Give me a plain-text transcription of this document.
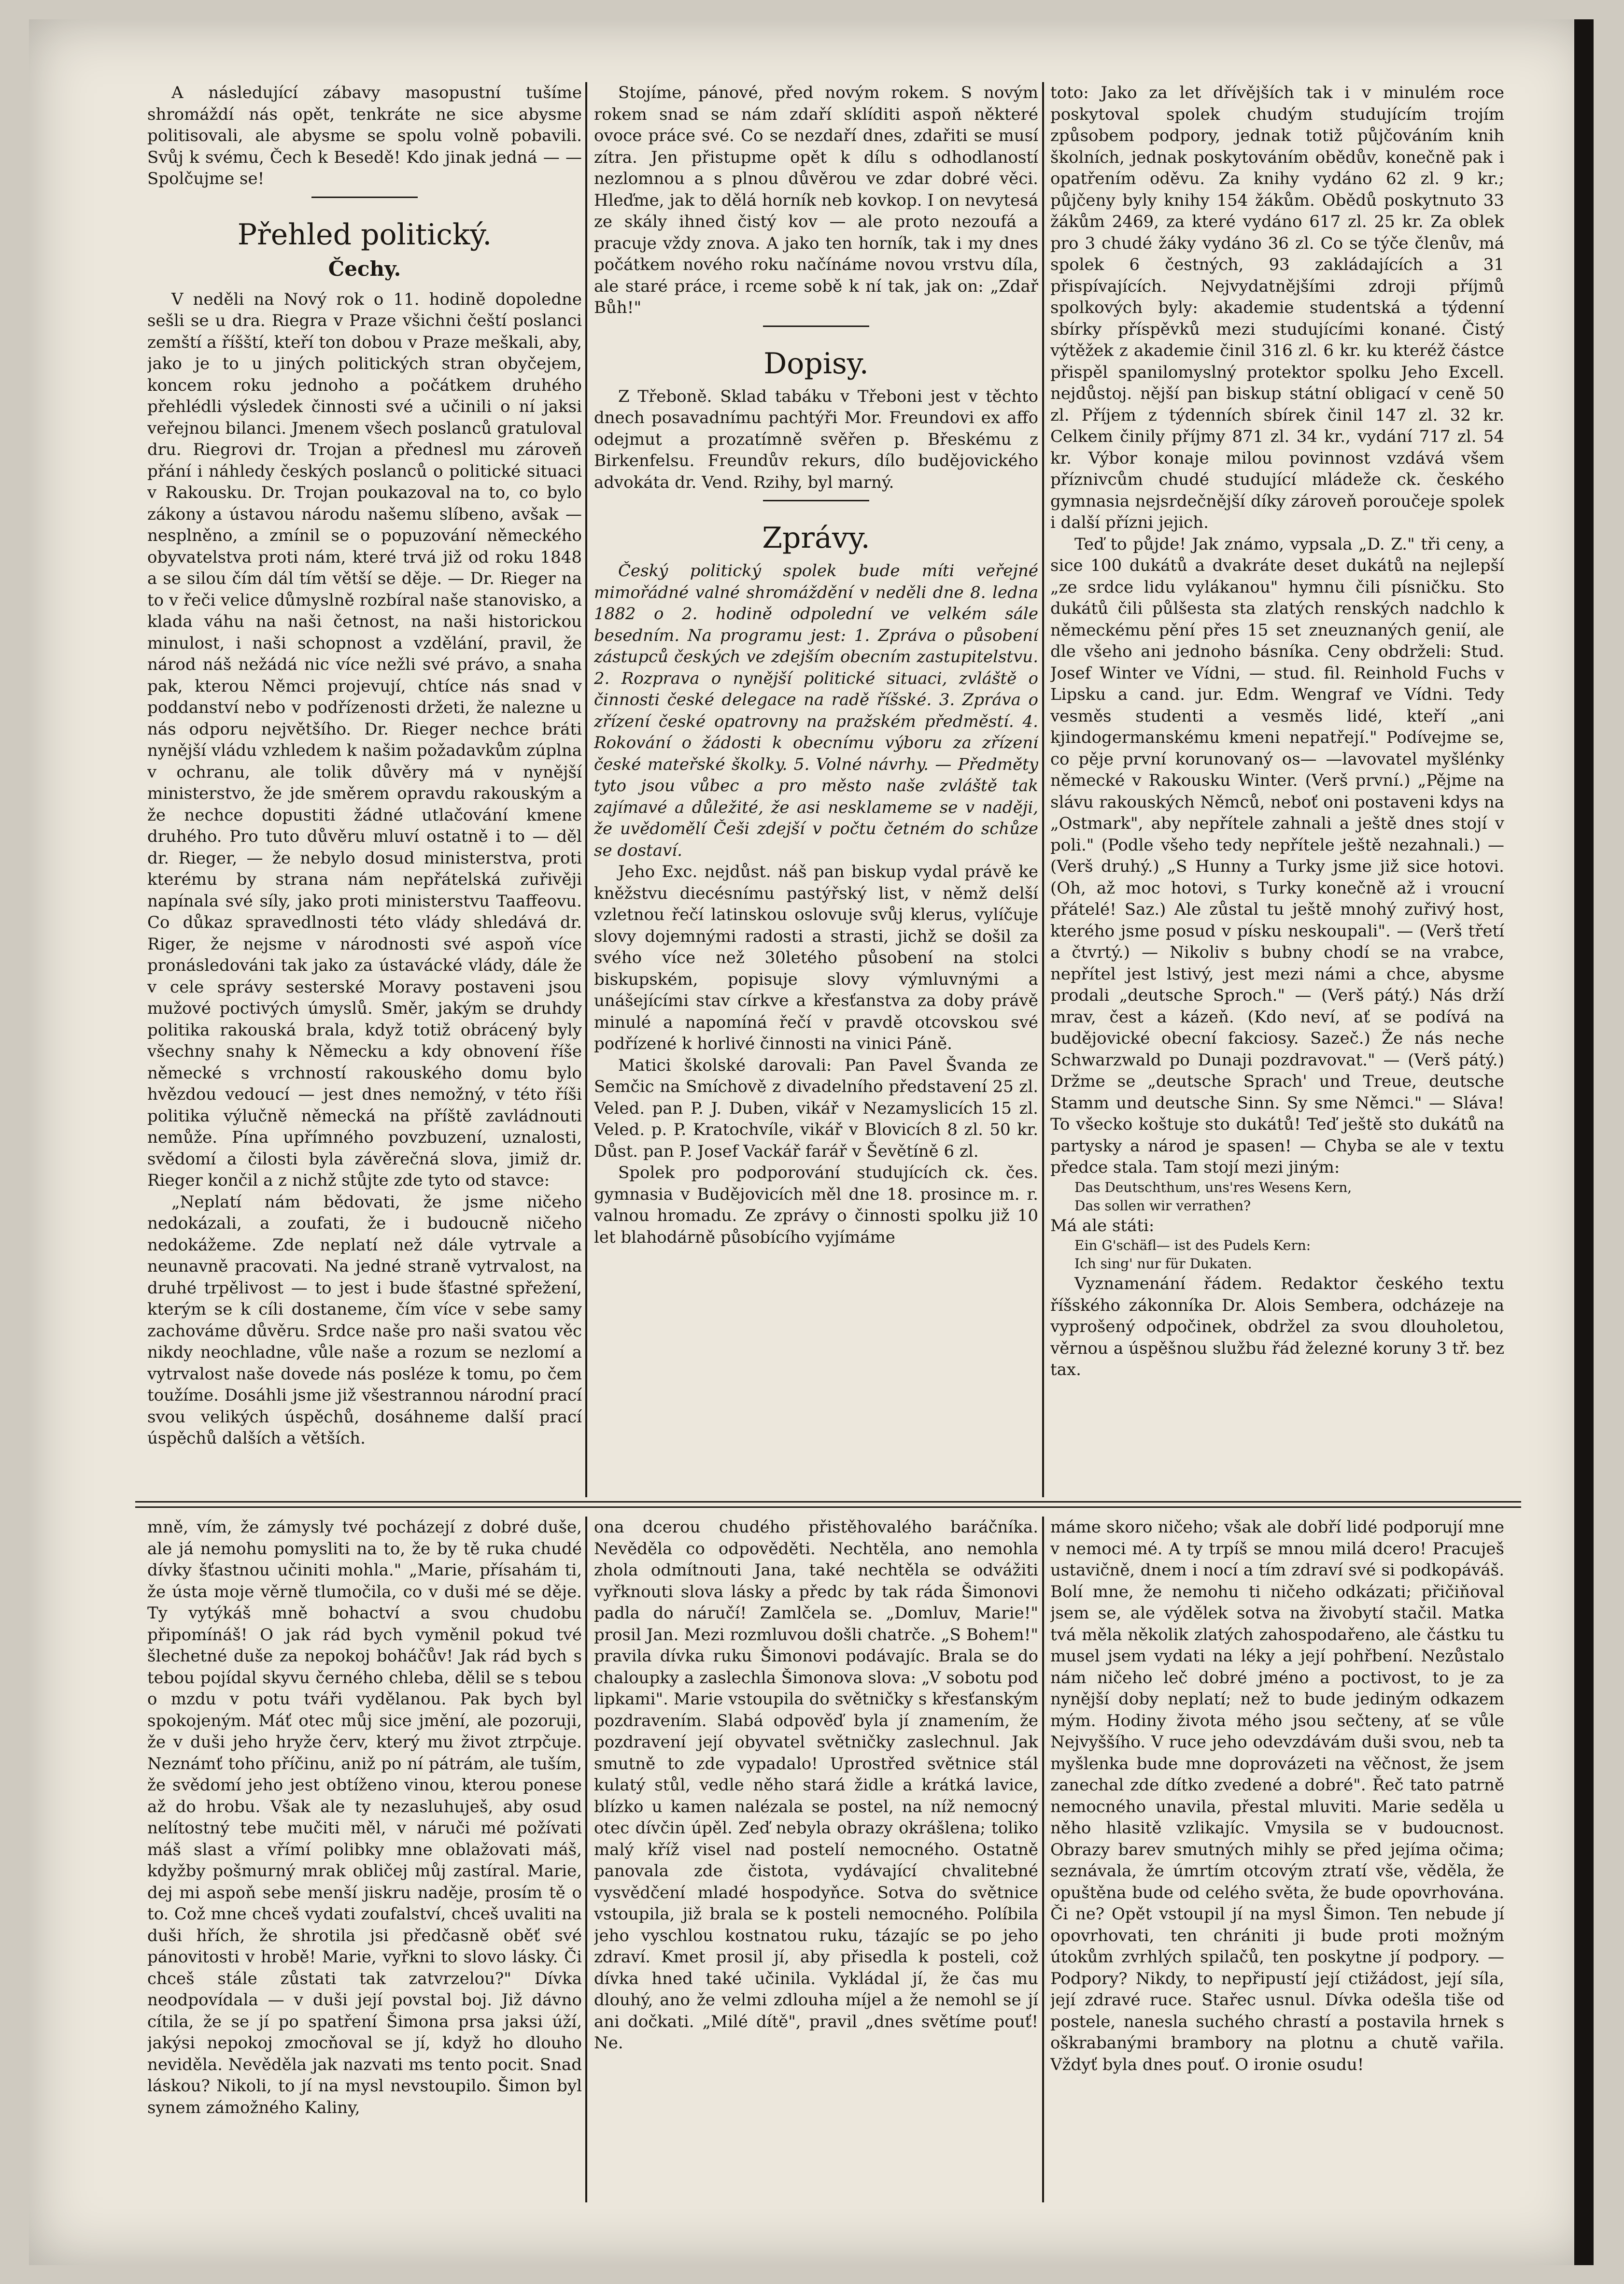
A následující zábavy masopustní tušíme shromáždí nás opět, tenkráte ne sice abysme politisovali, ale abysme se spolu volně pobavili. Svůj k svému, Čech k Besedě! Kdo jinak jedná — — Spolčujme se!

Přehled politický.
Čechy.

V neděli na Nový rok o 11. hodině dopoledne sešli se u dra. Riegra v Praze všichni čeští poslanci zemští a říšští, kteří ton dobou v Praze meškali, aby, jako je to u jiných politických stran obyčejem, koncem roku jednoho a počátkem druhého přehlédli výsledek činnosti své a učinili o ní jaksi veřejnou bilanci. Jmenem všech poslanců gratuloval dru. Riegrovi dr. Trojan a přednesl mu zároveň přání i náhledy českých poslanců o politické situaci v Rakousku. Dr. Trojan poukazoval na to, co bylo zákony a ústavou národu našemu slíbeno, avšak — nesplněno, a zmínil se o popuzování německého obyvatelstva proti nám, které trvá již od roku 1848 a se silou čím dál tím větší se děje. — Dr. Rieger na to v řeči velice důmyslně rozbíral naše stanovisko, a klada váhu na naši četnost, na naši historickou minulost, i naši schopnost a vzdělání, pravil, že národ náš nežádá nic více nežli své právo, a snaha pak, kterou Němci projevují, chtíce nás snad v poddanství nebo v podřízenosti držeti, že nalezne u nás odporu největšího. Dr. Rieger nechce bráti nynější vládu vzhledem k našim požadavkům zúplna v ochranu, ale tolik důvěry má v nynější ministerstvo, že jde směrem opravdu rakouským a že nechce dopustiti žádné utlačování kmene druhého. Pro tuto důvěru mluví ostatně i to — děl dr. Rieger, — že nebylo dosud ministerstva, proti kterému by strana nám nepřátelská zuřivěji napínala své síly, jako proti ministerstvu Taaffeovu. Co důkaz spravedlnosti této vlády shledává dr. Riger, že nejsme v národnosti své aspoň více pronásledováni tak jako za ústavácké vlády, dále že v cele správy sesterské Moravy postaveni jsou mužové poctivých úmyslů. Směr, jakým se druhdy politika rakouská brala, když totiž obrácený byly všechny snahy k Německu a kdy obnovení říše německé s vrchností rakouského domu bylo hvězdou vedoucí — jest dnes nemožný, v této říši politika výlučně německá na příště zavládnouti nemůže. Pína upřímného povzbuzení, uznalosti, svědomí a čilosti byla závěrečná slova, jimiž dr. Rieger končil a z nichž stůjte zde tyto od stavce:

„Neplatí nám bědovati, že jsme ničeho nedokázali, a zoufati, že i budoucně ničeho nedokážeme. Zde neplatí než dále vytrvale a neunavně pracovati. Na jedné straně vytrvalost, na druhé trpělivost — to jest i bude šťastné spřežení, kterým se k cíli dostaneme, čím více v sebe samy zachováme důvěru. Srdce naše pro naši svatou věc nikdy neochladne, vůle naše a rozum se nezlomí a vytrvalost naše dovede nás posléze k tomu, po čem toužíme. Dosáhli jsme již všestrannou národní prací svou velikých úspěchů, dosáhneme další prací úspěchů dalších a větších.

Stojíme, pánové, před novým rokem. S novým rokem snad se nám zdaří sklíditi aspoň některé ovoce práce své. Co se nezdaří dnes, zdařiti se musí zítra. Jen přistupme opět k dílu s odhodlaností nezlomnou a s plnou důvěrou ve zdar dobré věci. Hleďme, jak to dělá horník neb kovkop. I on nevytesá ze skály ihned čistý kov — ale proto nezoufá a pracuje vždy znova. A jako ten horník, tak i my dnes počátkem nového roku načínáme novou vrstvu díla, ale staré práce, i rceme sobě k ní tak, jak on: „Zdař Bůh!"

Dopisy.

Z Třeboně. Sklad tabáku v Třeboni jest v těchto dnech posavadnímu pachtýři Mor. Freundovi ex affo odejmut a prozatímně svěřen p. Břeskému z Birkenfelsu. Freundův rekurs, dílo budějovického advokáta dr. Vend. Rzihy, byl marný.

Zprávy.

Český politický spolek bude míti veřejné mimořádné valné shromáždění v neděli dne 8. ledna 1882 o 2. hodině odpolední ve velkém sále besedním. Na programu jest: 1. Zpráva o působení zástupců českých ve zdejším obecním zastupitelstvu. 2. Rozprava o nynější politické situaci, zvláště o činnosti české delegace na radě říšské. 3. Zpráva o zřízení české opatrovny na pražském předměstí. 4. Rokování o žádosti k obecnímu výboru za zřízení české mateřské školky. 5. Volné návrhy. — Předměty tyto jsou vůbec a pro město naše zvláště tak zajímavé a důležité, že asi nesklameme se v naději, že uvědomělí Češi zdejší v počtu četném do schůze se dostaví.

Jeho Exc. nejdůst. náš pan biskup vydal právě ke kněžstvu diecésnímu pastýřský list, v němž delší vzletnou řečí latinskou oslovuje svůj klerus, vylíčuje slovy dojemnými radosti a strasti, jichž se došil za svého více než 30letého působení na stolci biskupském, popisuje slovy výmluvnými a unášejícími stav církve a křesťanstva za doby právě minulé a napomíná řečí v pravdě otcovskou své podřízené k horlivé činnosti na vinici Páně.

Matici školské darovali: Pan Pavel Švanda ze Semčic na Smíchově z divadelního představení 25 zl. Veled. pan P. J. Duben, vikář v Nezamyslicích 15 zl. Veled. p. P. Kratochvíle, vikář v Blovicích 8 zl. 50 kr. Důst. pan P. Josef Vackář farář v Ševětíně 6 zl.

Spolek pro podporování studujících ck. čes. gymnasia v Budějovicích měl dne 18. prosince m. r. valnou hromadu. Ze zprávy o činnosti spolku již 10 let blahodárně působícího vyjímáme

toto: Jako za let dřívějších tak i v minulém roce poskytoval spolek chudým studujícím trojím způsobem podpory, jednak totiž půjčováním knih školních, jednak poskytováním obědův, konečně pak i opatřením oděvu. Za knihy vydáno 62 zl. 9 kr.; půjčeny byly knihy 154 žákům. Obědů poskytnuto 33 žákům 2469, za které vydáno 617 zl. 25 kr. Za oblek pro 3 chudé žáky vydáno 36 zl. Co se týče členův, má spolek 6 čestných, 93 zakládajících a 31 přispívajících. Nejvydatnějšími zdroji příjmů spolkových byly: akademie studentská a týdenní sbírky příspěvků mezi studujícími konané. Čistý výtěžek z akademie činil 316 zl. 6 kr. ku kteréž částce přispěl spanilomyslný protektor spolku Jeho Excell. nejdůstoj. nější pan biskup státní obligací v ceně 50 zl. Příjem z týdenních sbírek činil 147 zl. 32 kr. Celkem činily příjmy 871 zl. 34 kr., vydání 717 zl. 54 kr. Výbor konaje milou povinnost vzdává všem příznivcům chudé studující mládeže ck. českého gymnasia nejsrdečnější díky zároveň poroučeje spolek i další přízni jejich.

Teď to půjde! Jak známo, vypsala „D. Z." tři ceny, a sice 100 dukátů a dvakráte deset dukátů na nejlepší „ze srdce lidu vylákanou" hymnu čili písničku. Sto dukátů čili půlšesta sta zlatých renských nadchlo k německému pění přes 15 set zneuznaných genií, ale dle všeho ani jednoho básníka. Ceny obdrželi: Stud. Josef Winter ve Vídni, — stud. fil. Reinhold Fuchs v Lipsku a cand. jur. Edm. Wengraf ve Vídni. Tedy vesměs studenti a vesměs lidé, kteří „ani kjindogermanskému kmeni nepatřejí." Podívejme se, co pěje první korunovaný os— —lavovatel myšlénky německé v Rakousku Winter. (Verš první.) „Pějme na slávu rakouských Němců, neboť oni postaveni kdys na „Ostmark", aby nepřítele zahnali a ještě dnes stojí v poli." (Podle všeho tedy nepřítele ještě nezahnali.) — (Verš druhý.) „S Hunny a Turky jsme již sice hotovi. (Oh, až moc hotovi, s Turky konečně až i vroucní přátelé! Saz.) Ale zůstal tu ještě mnohý zuřivý host, kterého jsme posud v písku neskoupali". — (Verš třetí a čtvrtý.) — Nikoliv s bubny chodí se na vrabce, nepřítel jest lstivý, jest mezi námi a chce, abysme prodali „deutsche Sproch." — (Verš pátý.) Nás drží mrav, čest a kázeň. (Kdo neví, ať se podívá na budějovické obecní fakciosy. Sazeč.) Že nás neche Schwarzwald po Dunaji pozdravovat." — (Verš pátý.) Držme se „deutsche Sprach' und Treue, deutsche Stamm und deutsche Sinn. Sy sme Němci." — Sláva! To všecko koštuje sto dukátů! Teď ještě sto dukátů na partysky a národ je spasen! — Chyba se ale v textu předce stala. Tam stojí mezi jiným:

Das Deutschthum, uns'res Wesens Kern,

Das sollen wir verrathen?

Má ale státi:

Ein G'schäfl— ist des Pudels Kern:

Ich sing' nur für Dukaten.

Vyznamenání řádem. Redaktor českého textu říšského zákonníka Dr. Alois Sembera, odcházeje na vyprošený odpočinek, obdržel za svou dlouholetou, věrnou a úspěšnou službu řád železné koruny 3 tř. bez tax.

mně, vím, že zámysly tvé pocházejí z dobré duše, ale já nemohu pomysliti na to, že by tě ruka chudé dívky šťastnou učiniti mohla." „Marie, přísahám ti, že ústa moje věrně tlumočila, co v duši mé se děje. Ty vytýkáš mně bohactví a svou chudobu připomínáš! O jak rád bych vyměnil pokud tvé šlechetné duše za nepokoj boháčův! Jak rád bych s tebou pojídal skyvu černého chleba, dělil se s tebou o mzdu v potu tváři vydělanou. Pak bych byl spokojeným. Máť otec můj sice jmění, ale pozoruji, že v duši jeho hryže červ, který mu život ztrpčuje. Neznámť toho příčinu, aniž po ní pátrám, ale tuším, že svědomí jeho jest obtíženo vinou, kterou ponese až do hrobu. Však ale ty nezasluhuješ, aby osud nelítostný tebe mučiti měl, v náruči mé požívati máš slast a vřímí polibky mne oblažovati máš, kdyžby pošmurný mrak obličej můj zastíral. Marie, dej mi aspoň sebe menší jiskru naděje, prosím tě o to. Což mne chceš vydati zoufalství, chceš uvaliti na duši hřích, že shrotila jsi předčasně oběť své pánovitosti v hrobě! Marie, vyřkni to slovo lásky. Či chceš stále zůstati tak zatvrzelou?" Dívka neodpovídala — v duši její povstal boj. Již dávno cítila, že se jí po spatření Šimona prsa jaksi úží, jakýsi nepokoj zmocňoval se jí, když ho dlouho neviděla. Nevěděla jak nazvati ms tento pocit. Snad láskou? Nikoli, to jí na mysl nevstoupilo. Šimon byl synem zámožného Kaliny,

ona dcerou chudého přistěhovalého baráčníka. Nevěděla co odpověděti. Nechtěla, ano nemohla zhola odmítnouti Jana, také nechtěla se odvážiti vyřknouti slova lásky a předc by tak ráda Šimonovi padla do náručí! Zamlčela se. „Domluv, Marie!" prosil Jan. Mezi rozmluvou došli chatrče. „S Bohem!" pravila dívka ruku Šimonovi podávajíc. Brala se do chaloupky a zaslechla Šimonova slova: „V sobotu pod lipkami". Marie vstoupila do světničky s křesťanským pozdravením. Slabá odpověď byla jí znamením, že pozdravení její obyvatel světničky zaslechnul. Jak smutně to zde vypadalo! Uprostřed světnice stál kulatý stůl, vedle něho stará židle a krátká lavice, blízko u kamen nalézala se postel, na níž nemocný otec dívčin úpěl. Zeď nebyla obrazy okrášlena; toliko malý kříž visel nad postelí nemocného. Ostatně panovala zde čistota, vydávající chvalitebné vysvědčení mladé hospodyňce. Sotva do světnice vstoupila, již brala se k posteli nemocného. Políbila jeho vyschlou kostnatou ruku, tázajíc se po jeho zdraví. Kmet prosil jí, aby přisedla k posteli, což dívka hned také učinila. Vykládal jí, že čas mu dlouhý, ano že velmi zdlouha míjel a že nemohl se jí ani dočkati. „Milé dítě", pravil „dnes světíme pouť! Ne.

máme skoro ničeho; však ale dobří lidé podporují mne v nemoci mé. A ty trpíš se mnou milá dcero! Pracuješ ustavičně, dnem i nocí a tím zdraví své si podkopáváš. Bolí mne, že nemohu ti ničeho odkázati; přičiňoval jsem se, ale výdělek sotva na živobytí stačil. Matka tvá měla několik zlatých zahospodařeno, ale částku tu musel jsem vydati na léky a její pohřbení. Nezůstalo nám ničeho leč dobré jméno a poctivost, to je za nynější doby neplatí; než to bude jediným odkazem mým. Hodiny života mého jsou sečteny, ať se vůle Nejvyššího. V ruce jeho odevzdávám duši svou, neb ta myšlenka bude mne doprovázeti na věčnost, že jsem zanechal zde dítko zvedené a dobré". Řeč tato patrně nemocného unavila, přestal mluviti. Marie seděla u něho hlasitě vzlikajíc. Vmysila se v budoucnost. Obrazy barev smutných mihly se před jejíma očima; seznávala, že úmrtím otcovým ztratí vše, věděla, že opuštěna bude od celého světa, že bude opovrhována. Či ne? Opět vstoupil jí na mysl Šimon. Ten nebude jí opovrhovati, ten chrániti ji bude proti možným útokům zvrhlých spilačů, ten poskytne jí podpory. — Podpory? Nikdy, to nepřipustí její ctižádost, její síla, její zdravé ruce. Stařec usnul. Dívka odešla tiše od postele, nanesla suchého chrastí a postavila hrnek s oškrabanými brambory na plotnu a chutě vařila. Vždyť byla dnes pouť. O ironie osudu!
